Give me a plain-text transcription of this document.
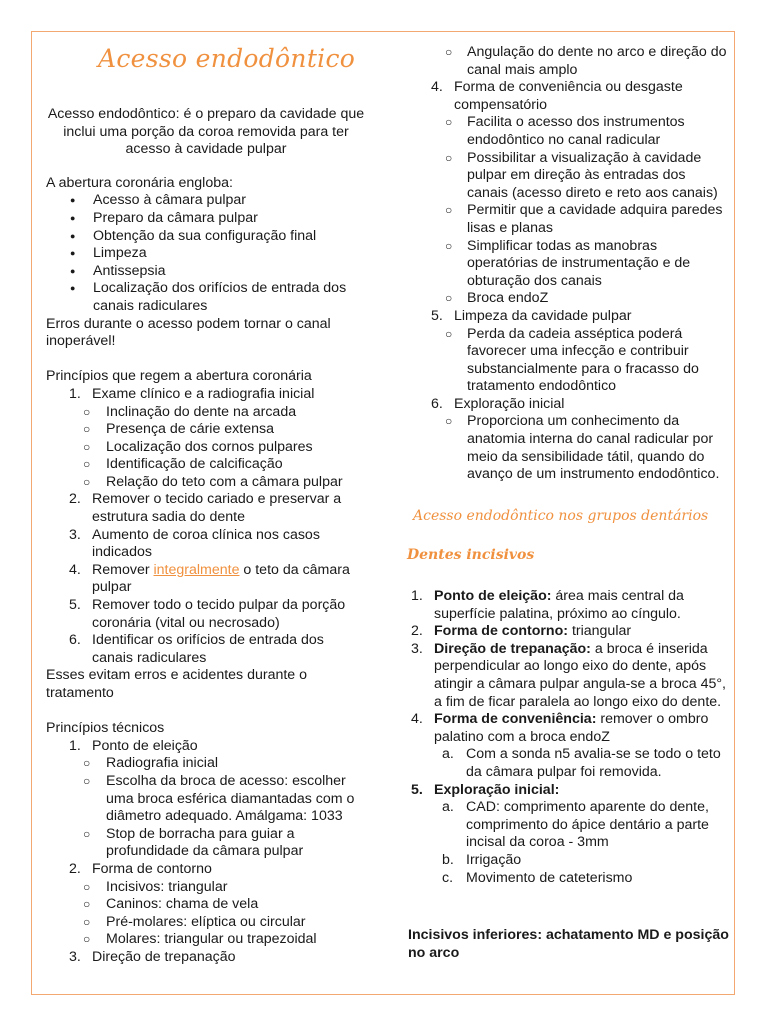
Acesso endodôntico

Acesso endodôntico: é o preparo da cavidade que inclui uma porção da coroa removida para ter acesso à cavidade pulpar

A abertura coronária engloba:

● Acesso à câmara pulpar
● Preparo da câmara pulpar
● Obtenção da sua configuração final
● Limpeza
● Antissepsia
● Localização dos orifícios de entrada dos canais radiculares

Erros durante o acesso podem tornar o canal inoperável!

Princípios que regem a abertura coronária

1. Exame clínico e a radiografia inicial
○ Inclinação do dente na arcada
○ Presença de cárie extensa
○ Localização dos cornos pulpares
○ Identificação de calcificação
○ Relação do teto com a câmara pulpar
2. Remover o tecido cariado e preservar a estrutura sadia do dente
3. Aumento de coroa clínica nos casos indicados
4. Remover integralmente o teto da câmara pulpar
5. Remover todo o tecido pulpar da porção coronária (vital ou necrosado)
6. Identificar os orifícios de entrada dos canais radiculares

Esses evitam erros e acidentes durante o tratamento

Princípios técnicos

1. Ponto de eleição
○ Radiografia inicial
○ Escolha da broca de acesso: escolher uma broca esférica diamantadas com o diâmetro adequado. Amálgama: 1033
○ Stop de borracha para guiar a profundidade da câmara pulpar
2. Forma de contorno
○ Incisivos: triangular
○ Caninos: chama de vela
○ Pré-molares: elíptica ou circular
○ Molares: triangular ou trapezoidal
3. Direção de trepanação
○ Angulação do dente no arco e direção do canal mais amplo
4. Forma de conveniência ou desgaste compensatório
○ Facilita o acesso dos instrumentos endodôntico no canal radicular
○ Possibilitar a visualização à cavidade pulpar em direção às entradas dos canais (acesso direto e reto aos canais)
○ Permitir que a cavidade adquira paredes lisas e planas
○ Simplificar todas as manobras operatórias de instrumentação e de obturação dos canais
○ Broca endoZ
5. Limpeza da cavidade pulpar
○ Perda da cadeia asséptica poderá favorecer uma infecção e contribuir substancialmente para o fracasso do tratamento endodôntico
6. Exploração inicial
○ Proporciona um conhecimento da anatomia interna do canal radicular por meio da sensibilidade tátil, quando do avanço de um instrumento endodôntico.
Acesso endodôntico nos grupos dentários
Dentes incisivos
1. Ponto de eleição: área mais central da superfície palatina, próximo ao cíngulo.
2. Forma de contorno: triangular
3. Direção de trepanação: a broca é inserida perpendicular ao longo eixo do dente, após atingir a câmara pulpar angula-se a broca 45°, a fim de ficar paralela ao longo eixo do dente.
4. Forma de conveniência: remover o ombro palatino com a broca endoZ
a. Com a sonda n5 avalia-se se todo o teto da câmara pulpar foi removida.
5. Exploração inicial:
a. CAD: comprimento aparente do dente, comprimento do ápice dentário a parte incisal da coroa - 3mm
b. Irrigação
c. Movimento de cateterismo

Incisivos inferiores: achatamento MD e posição no arco
